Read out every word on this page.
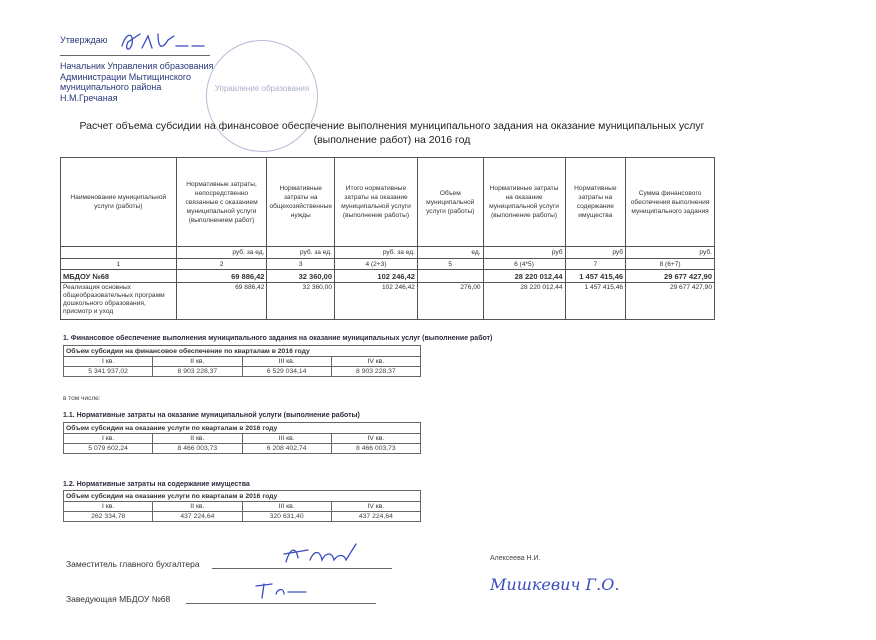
Утверждаю
Начальник Управления образования
Администрации Мытищинского
муниципального района
Н.М.Гречаная
Управление образования
Расчет объема субсидии на финансовое обеспечение выполнения муниципального задания на оказание муниципальных услуг
(выполнение работ) на 2016 год
Наименование муниципальной услуги (работы)	Нормативные затраты, непосредственно связанные с оказанием муниципальной услуги (выполнением работ)	Нормативные затраты на общехозяйственные нужды	Итого нормативные затраты на оказание муниципальной услуги (выполнение работы)	Объем муниципальной услуги (работы)	Нормативные затраты на оказание муниципальной услуги (выполнение работы)	Нормативные затраты на содержание имущества	Сумма финансового обеспечения выполнения муниципального задания
	руб. за ед.	руб. за ед.	руб. за ед.	ед.	руб	руб	руб.
1	2	3	4 (2+3)	5	6 (4*5)	7	8 (6+7)
МБДОУ №68	69 886,42	32 360,00	102 246,42		28 220 012,44	1 457 415,46	29 677 427,90
Реализация основных общеобразовательных программ дошкольного образования, присмотр и уход	69 886,42	32 360,00	102 246,42	276,00	28 220 012,44	1 457 415,46	29 677 427,90
1. Финансовое обеспечение выполнения муниципального задания на оказание муниципальных услуг (выполнение работ)
Объем субсидии на финансовое обеспечение по кварталам в 2016 году			
I кв.	II кв.	III кв.	IV кв.
5 341 937,02	8 903 228,37	6 529 034,14	8 903 228,37
в том числе:
1.1. Нормативные затраты на оказание муниципальной услуги (выполнение работы)
Объем субсидии на оказание услуги по кварталам в 2016 году			
I кв.	II кв.	III кв.	IV кв.
5 079 602,24	8 466 003,73	6 208 402,74	8 466 003,73
1.2. Нормативные затраты на содержание имущества
Объем субсидии на оказание услуги по кварталам в 2016 году			
I кв.	II кв.	III кв.	IV кв.
262 334,78	437 224,64	320 631,40	437 224,64
Заместитель главного бухгалтера
Алексеева Н.И.
Заведующая МБДОУ №68
Мишкевич Г.О.
